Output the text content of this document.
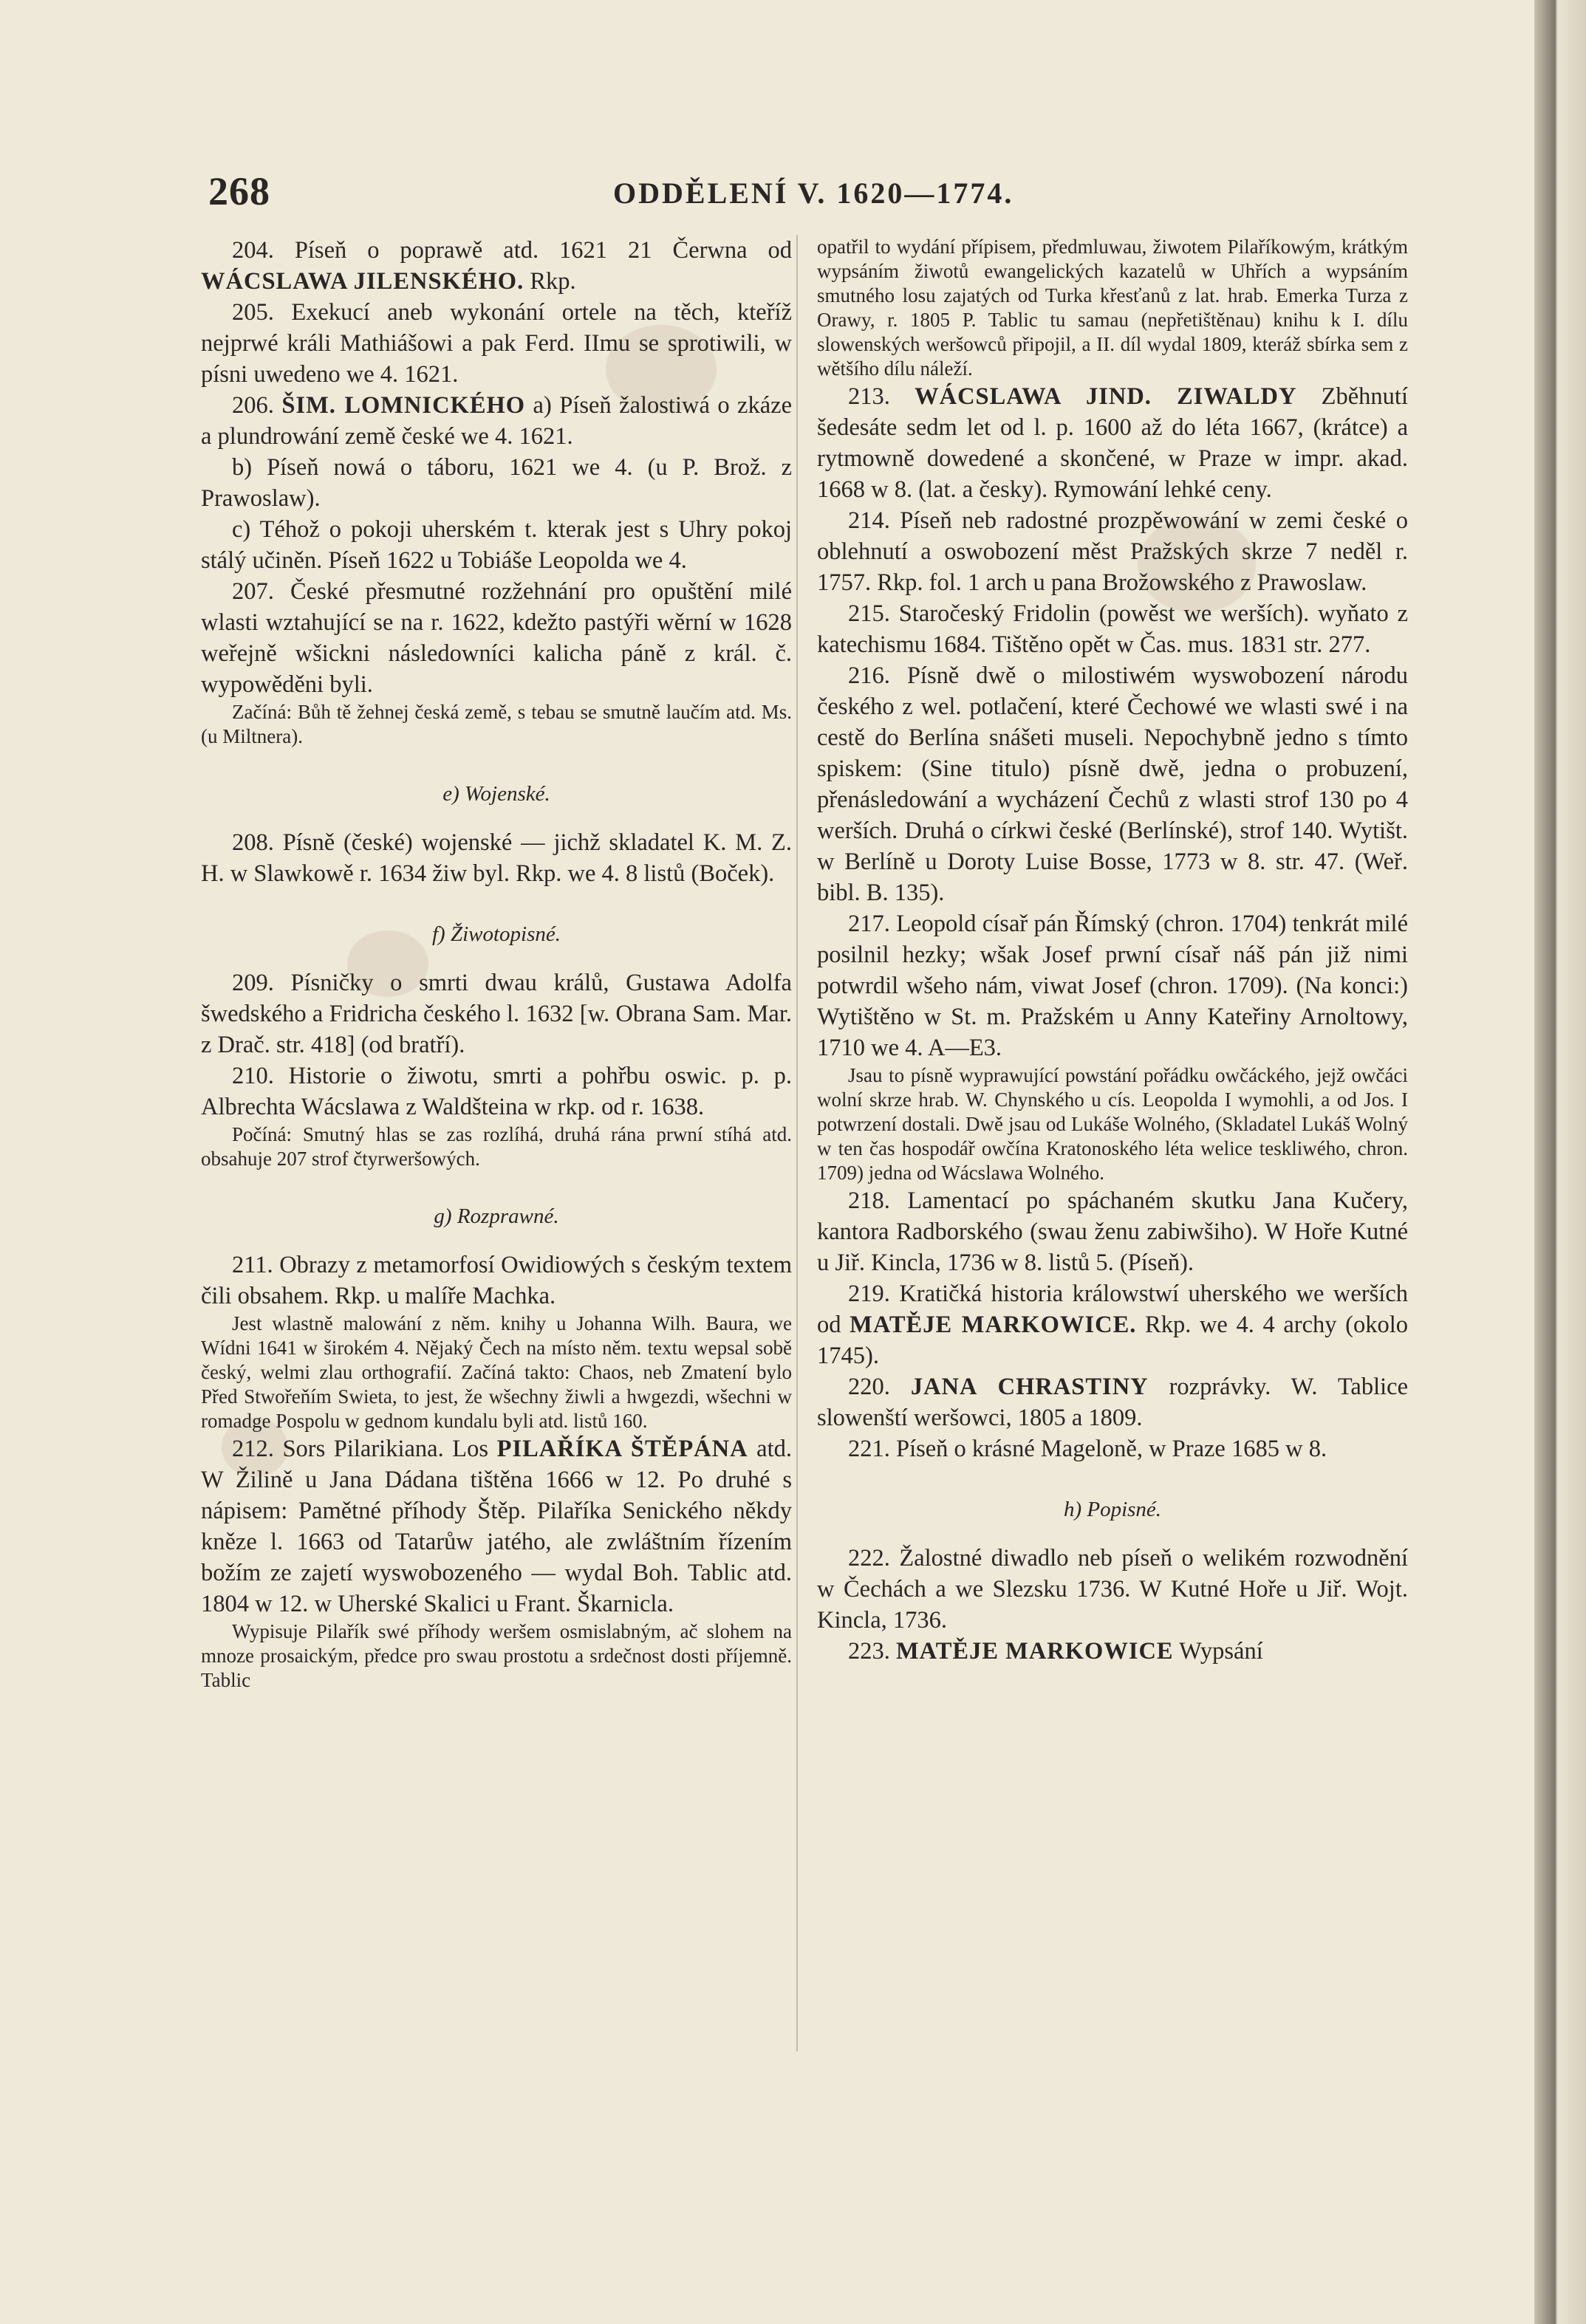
268	ODDĚLENÍ V. 1620—1774.

204. Píseň o poprawě atd. 1621 21 Čerwna od WÁCSLAWA JILENSKÉHO. Rkp.

205. Exekucí aneb wykonání ortele na těch, kteříž nejprwé králi Mathiášowi a pak Ferd. IImu se sprotiwili, w písni uwedeno we 4. 1621.

206. ŠIM. LOMNICKÉHO a) Píseň žalostiwá o zkáze a plundrowání země české we 4. 1621.

b) Píseň nowá o táboru, 1621 we 4. (u P. Brož. z Prawoslaw).

c) Téhož o pokoji uherském t. kterak jest s Uhry pokoj stálý učiněn. Píseň 1622 u Tobiáše Leopolda we 4.

207. České přesmutné rozžehnání pro opuštění milé wlasti wztahující se na r. 1622, kdežto pastýři wěrní w 1628 weřejně wšickni následowníci kalicha páně z král. č. wypowěděni byli.

Začíná: Bůh tě žehnej česká země, s tebau se smutně laučím atd. Ms. (u Miltnera).

e) Wojenské.

208. Písně (české) wojenské — jichž skladatel K. M. Z. H. w Slawkowě r. 1634 žiw byl. Rkp. we 4. 8 listů (Boček).

f) Žiwotopisné.

209. Písničky o smrti dwau králů, Gustawa Adolfa šwedského a Fridricha českého l. 1632 [w. Obrana Sam. Mar. z Drač. str. 418] (od bratří).

210. Historie o žiwotu, smrti a pohřbu oswic. p. p. Albrechta Wácslawa z Waldšteina w rkp. od r. 1638.

Počíná: Smutný hlas se zas rozlíhá, druhá rána prwní stíhá atd. obsahuje 207 strof čtyrweršowých.

g) Rozprawné.

211. Obrazy z metamorfosí Owidiowých s českým textem čili obsahem. Rkp. u malíře Machka.

Jest wlastně malowání z něm. knihy u Johanna Wilh. Baura, we Wídni 1641 w širokém 4. Nějaký Čech na místo něm. textu wepsal sobě český, welmi zlau orthografií. Začíná takto: Chaos, neb Zmatení bylo Před Stwořeňím Swieta, to jest, že wšechny žiwli a hwgezdi, wšechni w romadge Pospolu w gednom kundalu byli atd. listů 160.

212. Sors Pilarikiana. Los PILAŘÍKA ŠTĚPÁNA atd. W Žilině u Jana Dádana tištěna 1666 w 12. Po druhé s nápisem: Pamětné příhody Štěp. Pilaříka Senického někdy kněze l. 1663 od Tatarůw jatého, ale zwláštním řízením božím ze zajetí wyswobozeného — wydal Boh. Tablic atd. 1804 w 12. w Uherské Skalici u Frant. Škarnicla.

Wypisuje Pilařík swé příhody weršem osmislabným, ač slohem na mnoze prosaickým, předce pro swau prostotu a srdečnost dosti příjemně. Tablic

opatřil to wydání přípisem, předmluwau, žiwotem Pilaříkowým, krátkým wypsáním žiwotů ewangelických kazatelů w Uhřích a wypsáním smutného losu zajatých od Turka křesťanů z lat. hrab. Emerka Turza z Orawy, r. 1805 P. Tablic tu samau (nepřetištěnau) knihu k I. dílu slowenských weršowců připojil, a II. díl wydal 1809, kteráž sbírka sem z wětšího dílu náleží.

213. WÁCSLAWA JIND. ZIWALDY Zběhnutí šedesáte sedm let od l. p. 1600 až do léta 1667, (krátce) a rytmowně dowedené a skončené, w Praze w impr. akad. 1668 w 8. (lat. a česky). Rymowání lehké ceny.

214. Píseň neb radostné prozpěwowání w zemi české o oblehnutí a oswobození měst Pražských skrze 7 neděl r. 1757. Rkp. fol. 1 arch u pana Brožowského z Prawoslaw.

215. Staročeský Fridolin (powěst we werších). wyňato z katechismu 1684. Tištěno opět w Čas. mus. 1831 str. 277.

216. Písně dwě o milostiwém wyswobození národu českého z wel. potlačení, které Čechowé we wlasti swé i na cestě do Berlína snášeti museli. Nepochybně jedno s tímto spiskem: (Sine titulo) písně dwě, jedna o probuzení, přenásledowání a wycházení Čechů z wlasti strof 130 po 4 werších. Druhá o církwi české (Berlínské), strof 140. Wytišt. w Berlíně u Doroty Luise Bosse, 1773 w 8. str. 47. (Weř. bibl. B. 135).

217. Leopold císař pán Římský (chron. 1704) tenkrát milé posilnil hezky; wšak Josef prwní císař náš pán již nimi potwrdil wšeho nám, viwat Josef (chron. 1709). (Na konci:) Wytištěno w St. m. Pražském u Anny Kateřiny Arnoltowy, 1710 we 4. A—E3.

Jsau to písně wyprawující powstání pořádku owčáckého, jejž owčáci wolní skrze hrab. W. Chynského u cís. Leopolda I wymohli, a od Jos. I potwrzení dostali. Dwě jsau od Lukáše Wolného, (Skladatel Lukáš Wolný w ten čas hospodář owčína Kratonoského léta welice teskliwého, chron. 1709) jedna od Wácslawa Wolného.

218. Lamentací po spáchaném skutku Jana Kučery, kantora Radborského (swau ženu zabiwšiho). W Hoře Kutné u Jiř. Kincla, 1736 w 8. listů 5. (Píseň).

219. Kratičká historia králowstwí uherského we werších od MATĚJE MARKOWICE. Rkp. we 4. 4 archy (okolo 1745).

220. JANA CHRASTINY rozprávky. W. Tablice slowenští weršowci, 1805 a 1809.

221. Píseň o krásné Mageloně, w Praze 1685 w 8.

h) Popisné.

222. Žalostné diwadlo neb píseň o welikém rozwodnění w Čechách a we Slezsku 1736. W Kutné Hoře u Jiř. Wojt. Kincla, 1736.

223. MATĚJE MARKOWICE Wypsání
